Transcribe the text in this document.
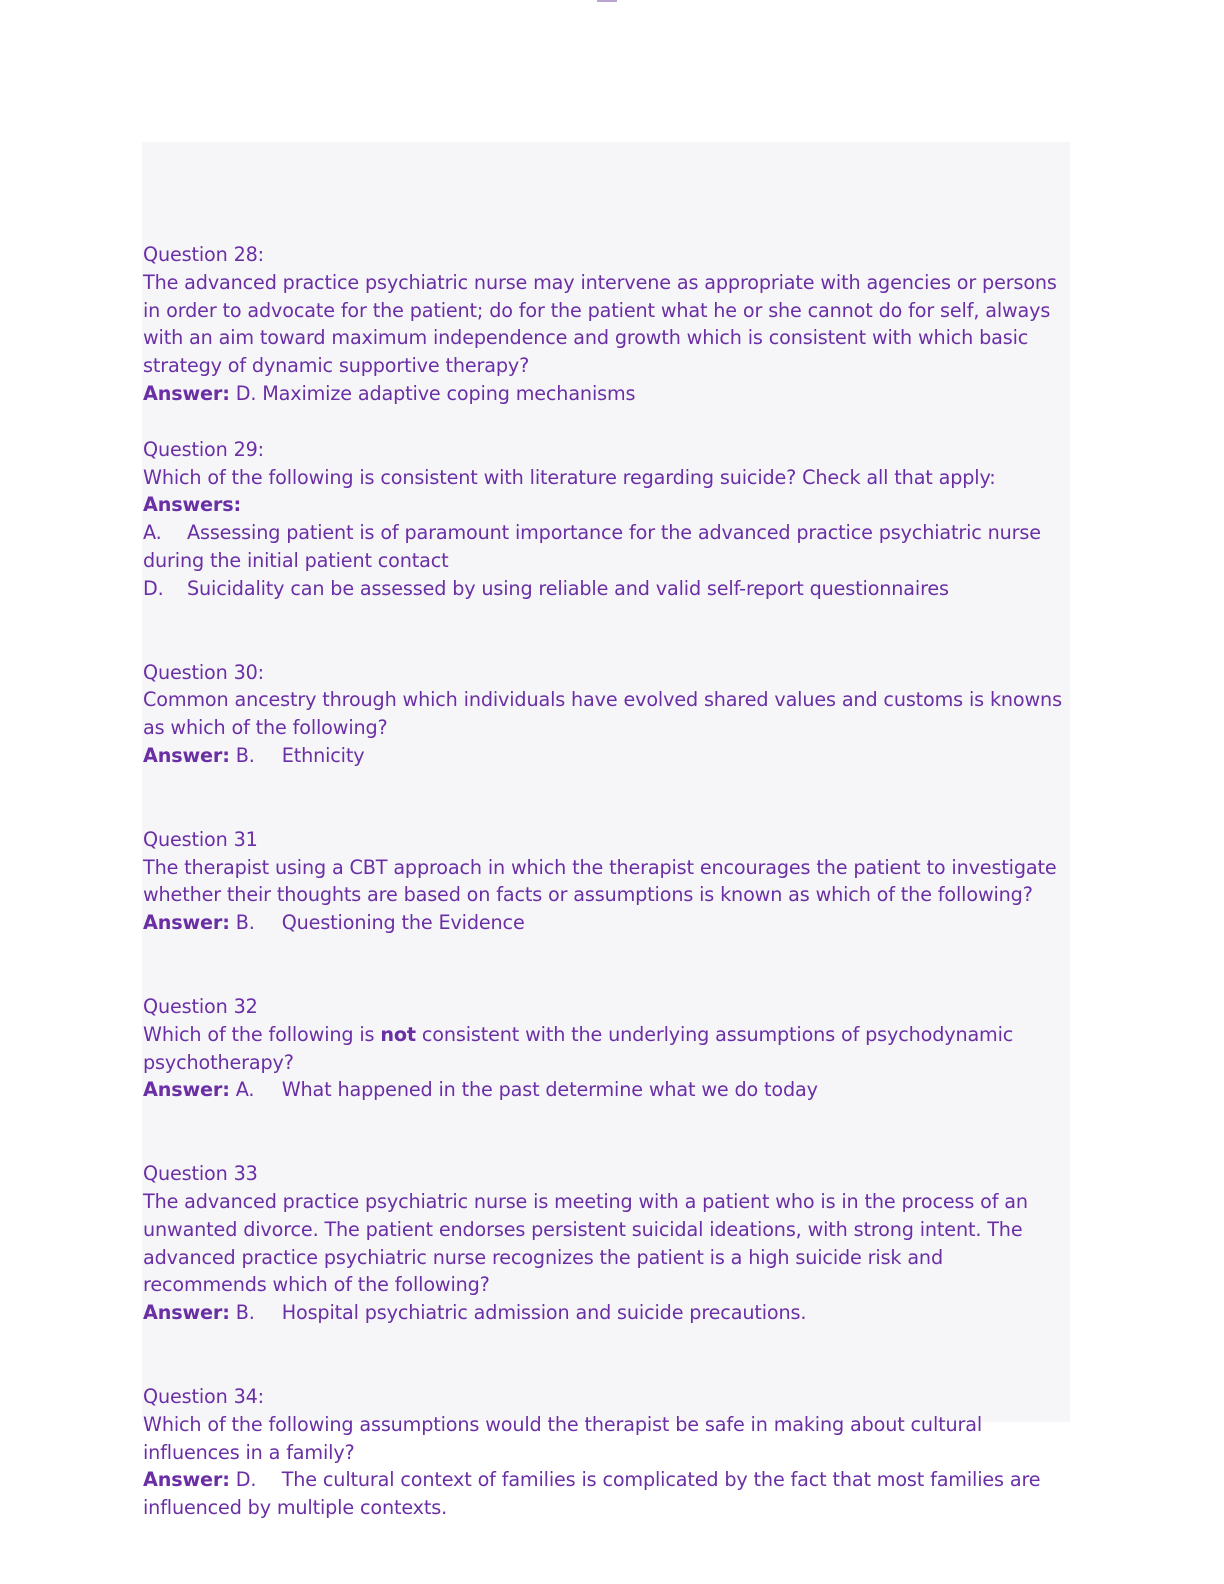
Question 28:

The advanced practice psychiatric nurse may intervene as appropriate with agencies or persons in order to advocate for the patient; do for the patient what he or she cannot do for self, always with an aim toward maximum independence and growth which is consistent with which basic strategy of dynamic supportive therapy?

Answer: D. Maximize adaptive coping mechanisms

Question 29:

Which of the following is consistent with literature regarding suicide? Check all that apply:

Answers:

A. Assessing patient is of paramount importance for the advanced practice psychiatric nurse during the initial patient contact

D. Suicidality can be assessed by using reliable and valid self-report questionnaires

Question 30:

Common ancestry through which individuals have evolved shared values and customs is knowns as which of the following?

Answer: B. Ethnicity

Question 31

The therapist using a CBT approach in which the therapist encourages the patient to investigate whether their thoughts are based on facts or assumptions is known as which of the following?

Answer: B. Questioning the Evidence

Question 32

Which of the following is not consistent with the underlying assumptions of psychodynamic psychotherapy?

Answer: A. What happened in the past determine what we do today

Question 33

The advanced practice psychiatric nurse is meeting with a patient who is in the process of an unwanted divorce. The patient endorses persistent suicidal ideations, with strong intent. The advanced practice psychiatric nurse recognizes the patient is a high suicide risk and recommends which of the following?

Answer: B. Hospital psychiatric admission and suicide precautions.

Question 34:

Which of the following assumptions would the therapist be safe in making about cultural influences in a family?

Answer: D. The cultural context of families is complicated by the fact that most families are influenced by multiple contexts.
